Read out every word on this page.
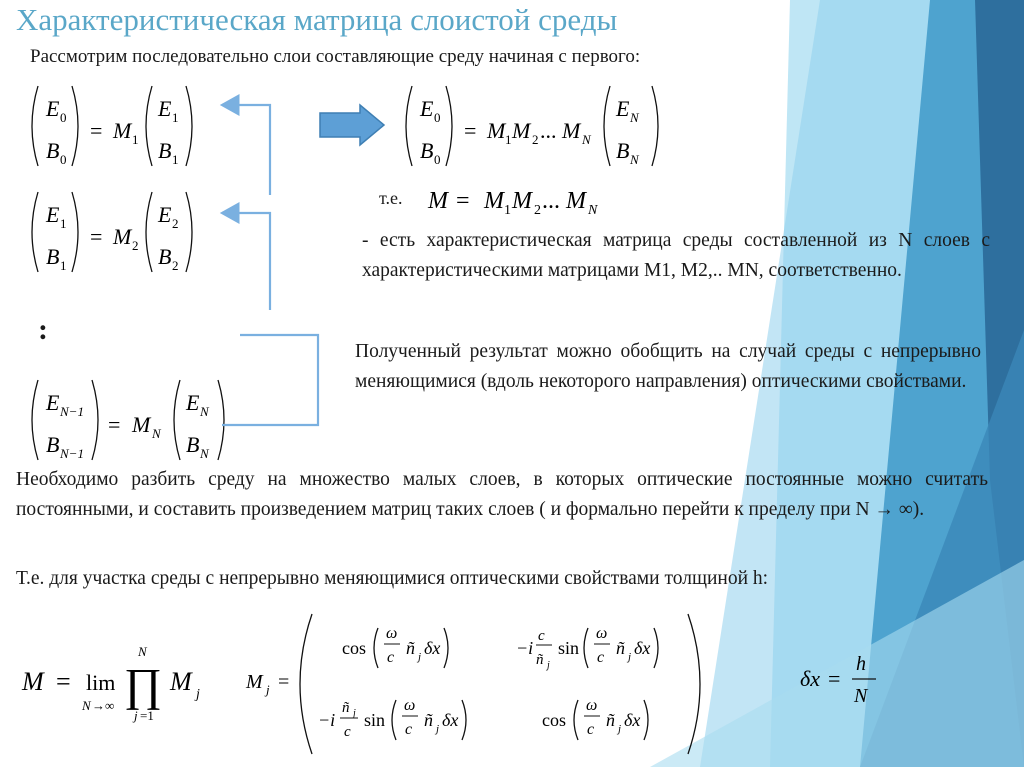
Характеристическая матрица слоистой среды
Рассмотрим последовательно слои составляющие среду начиная с первого:
E 0
B 0
= M 1
E 1
B 1
E 1
B 1
= M 2
E 2
B 2
:
E N−1
B N−1
= M N
E N
B N
E 0
B 0
= M 1 M 2 ... M N
E N
B N
т.е. M = M 1 M 2 ... M N
- есть характеристическая матрица среды составленной из N слоев с характеристическими матрицами M1, M2,.. MN, соответственно.
Полученный результат можно обобщить на случай среды с непрерывно меняющимися (вдоль некоторого направления) оптическими свойствами.
Необходимо разбить среду на множество малых слоев, в которых оптические постоянные можно считать постоянными, и составить произведением матриц таких слоев ( и формально перейти к пределу при N → ∞).
Т.е. для участка среды с непрерывно меняющимися оптическими свойствами толщиной h:
M = lim
N →∞
N
∏
j =1
M j
M j =
cos
ω
c ñ j δx	−i
c
ñ j
sin
ω
c ñ j δx
−i
ñ j
c
sin
ω
c ñ j δx	cos
ω
c ñ j δx
δx =
h
N
